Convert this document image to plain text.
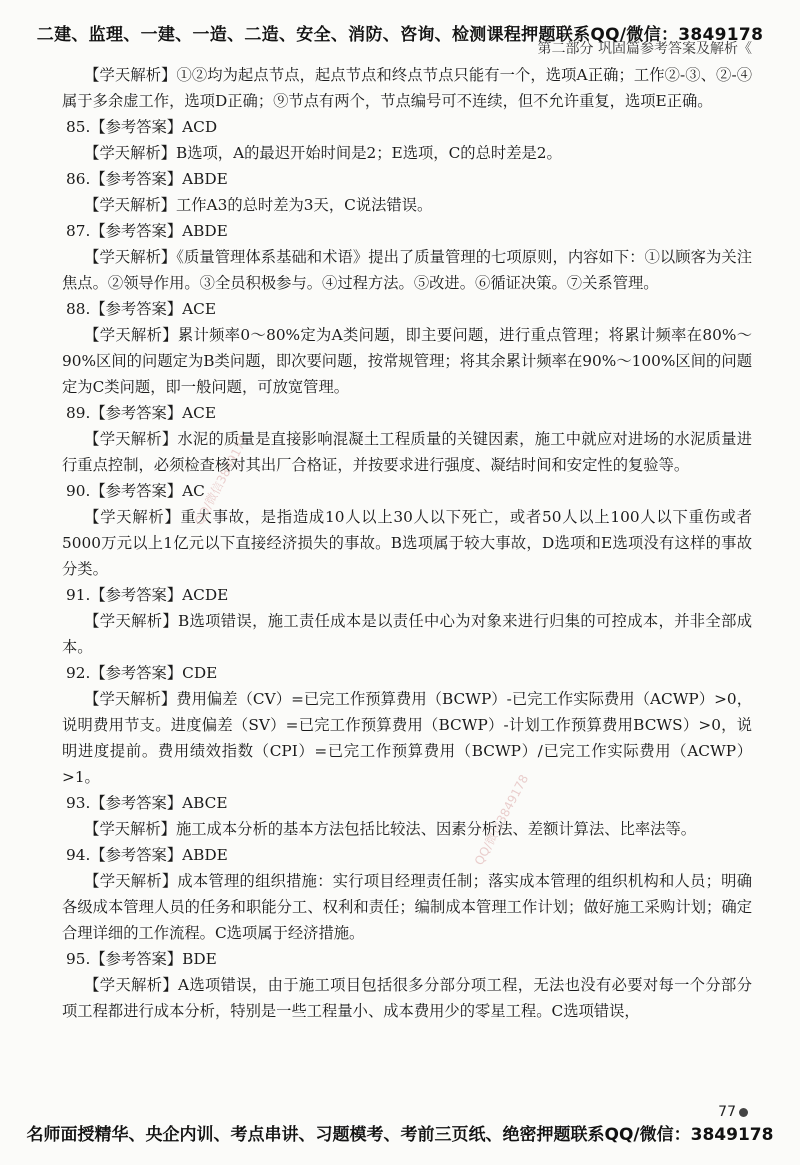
二建、监理、一建、一造、二造、安全、消防、咨询、检测课程押题联系QQ/微信：3849178
第二部分 巩固篇参考答案及解析《
QQ/微信3849178
QQ/微信3849178

【学天解析】①②均为起点节点，起点节点和终点节点只能有一个，选项A正确；工作②-③、②-④属于多余虚工作，选项D正确；⑨节点有两个，节点编号可不连续，但不允许重复，选项E正确。

85.【参考答案】ACD

【学天解析】B选项，A的最迟开始时间是2；E选项，C的总时差是2。

86.【参考答案】ABDE

【学天解析】工作A3的总时差为3天，C说法错误。

87.【参考答案】ABDE

【学天解析】《质量管理体系基础和术语》提出了质量管理的七项原则，内容如下：①以顾客为关注焦点。②领导作用。③全员积极参与。④过程方法。⑤改进。⑥循证决策。⑦关系管理。

88.【参考答案】ACE

【学天解析】累计频率0～80%定为A类问题，即主要问题，进行重点管理；将累计频率在80%～90%区间的问题定为B类问题，即次要问题，按常规管理；将其余累计频率在90%～100%区间的问题定为C类问题，即一般问题，可放宽管理。

89.【参考答案】ACE

【学天解析】水泥的质量是直接影响混凝土工程质量的关键因素，施工中就应对进场的水泥质量进行重点控制，必须检查核对其出厂合格证，并按要求进行强度、凝结时间和安定性的复验等。

90.【参考答案】AC

【学天解析】重大事故，是指造成10人以上30人以下死亡，或者50人以上100人以下重伤或者5000万元以上1亿元以下直接经济损失的事故。B选项属于较大事故，D选项和E选项没有这样的事故分类。

91.【参考答案】ACDE

【学天解析】B选项错误，施工责任成本是以责任中心为对象来进行归集的可控成本，并非全部成本。

92.【参考答案】CDE

【学天解析】费用偏差（CV）=已完工作预算费用（BCWP）-已完工作实际费用（ACWP）>0，说明费用节支。进度偏差（SV）=已完工作预算费用（BCWP）-计划工作预算费用BCWS）>0，说明进度提前。费用绩效指数（CPI）=已完工作预算费用（BCWP）/已完工作实际费用（ACWP）>1。

93.【参考答案】ABCE

【学天解析】施工成本分析的基本方法包括比较法、因素分析法、差额计算法、比率法等。

94.【参考答案】ABDE

【学天解析】成本管理的组织措施：实行项目经理责任制；落实成本管理的组织机构和人员；明确各级成本管理人员的任务和职能分工、权利和责任；编制成本管理工作计划；做好施工采购计划；确定合理详细的工作流程。C选项属于经济措施。

95.【参考答案】BDE

【学天解析】A选项错误，由于施工项目包括很多分部分项工程，无法也没有必要对每一个分部分项工程都进行成本分析，特别是一些工程量小、成本费用少的零星工程。C选项错误，

77
名师面授精华、央企内训、考点串讲、习题模考、考前三页纸、绝密押题联系QQ/微信：3849178
